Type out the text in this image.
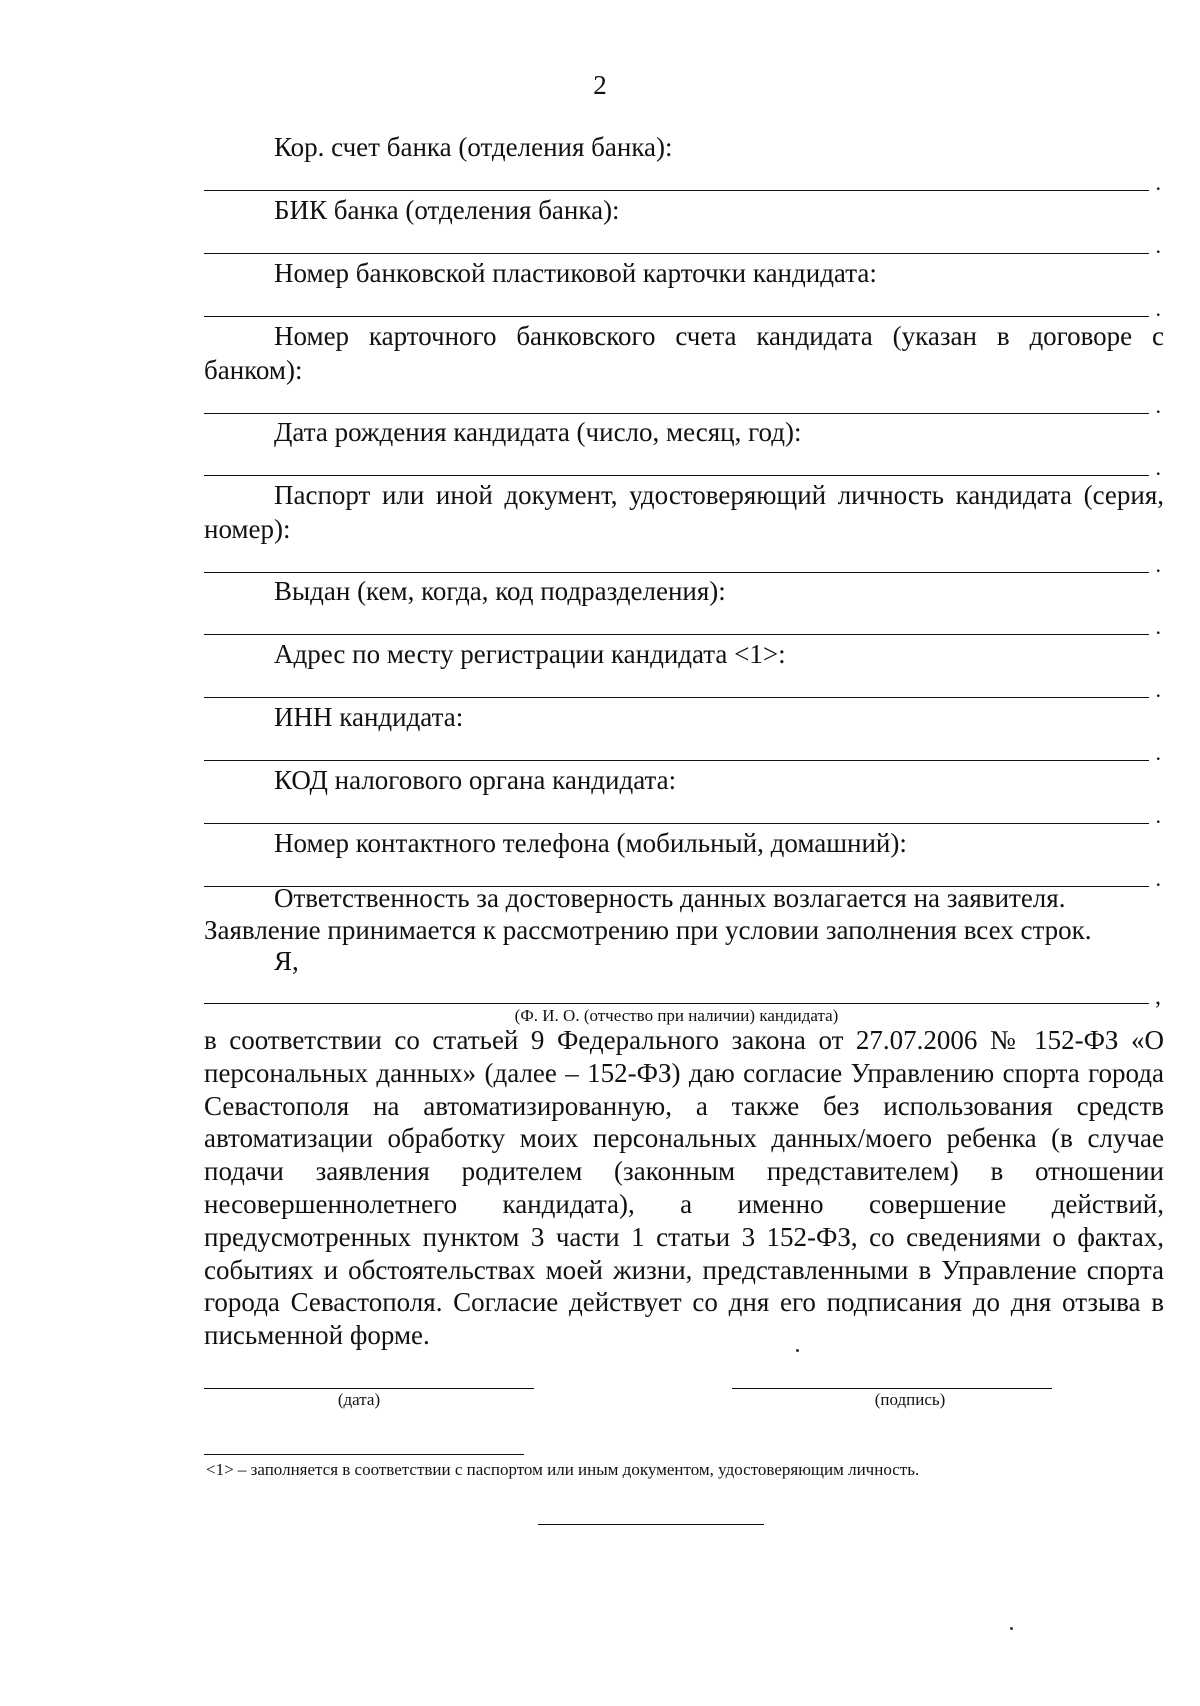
2
Кор. счет банка (отделения банка):
.
БИК банка (отделения банка):
.
Номер банковской пластиковой карточки кандидата:
.
Номер карточного банковского счета кандидата (указан в договоре с банком):
.
Дата рождения кандидата (число, месяц, год):
.
Паспорт или иной документ, удостоверяющий личность кандидата (серия, номер):
.
Выдан (кем, когда, код подразделения):
.
Адрес по месту регистрации кандидата <1>:
.
ИНН кандидата:
.
КОД налогового органа кандидата:
.
Номер контактного телефона (мобильный, домашний):
.
Ответственность за достоверность данных возлагается на заявителя.
Заявление принимается к рассмотрению при условии заполнения всех строк.
Я,
,
(Ф. И. О. (отчество при наличии) кандидата)
в соответствии со статьей 9 Федерального закона от 27.07.2006 № 152-ФЗ «О персональных данных» (далее – 152-ФЗ) даю согласие Управлению спорта города Севастополя на автоматизированную, а также без использования средств автоматизации обработку моих персональных данных/моего ребенка (в случае подачи заявления родителем (законным представителем) в отношении несовершеннолетнего кандидата), а именно совершение действий, предусмотренных пунктом 3 части 1 статьи 3 152-ФЗ, со сведениями о фактах, событиях и обстоятельствах моей жизни, представленными в Управление спорта города Севастополя. Согласие действует со дня его подписания до дня отзыва в письменной форме.
(дата)	(подпись)
<1> – заполняется в соответствии с паспортом или иным документом, удостоверяющим личность.
